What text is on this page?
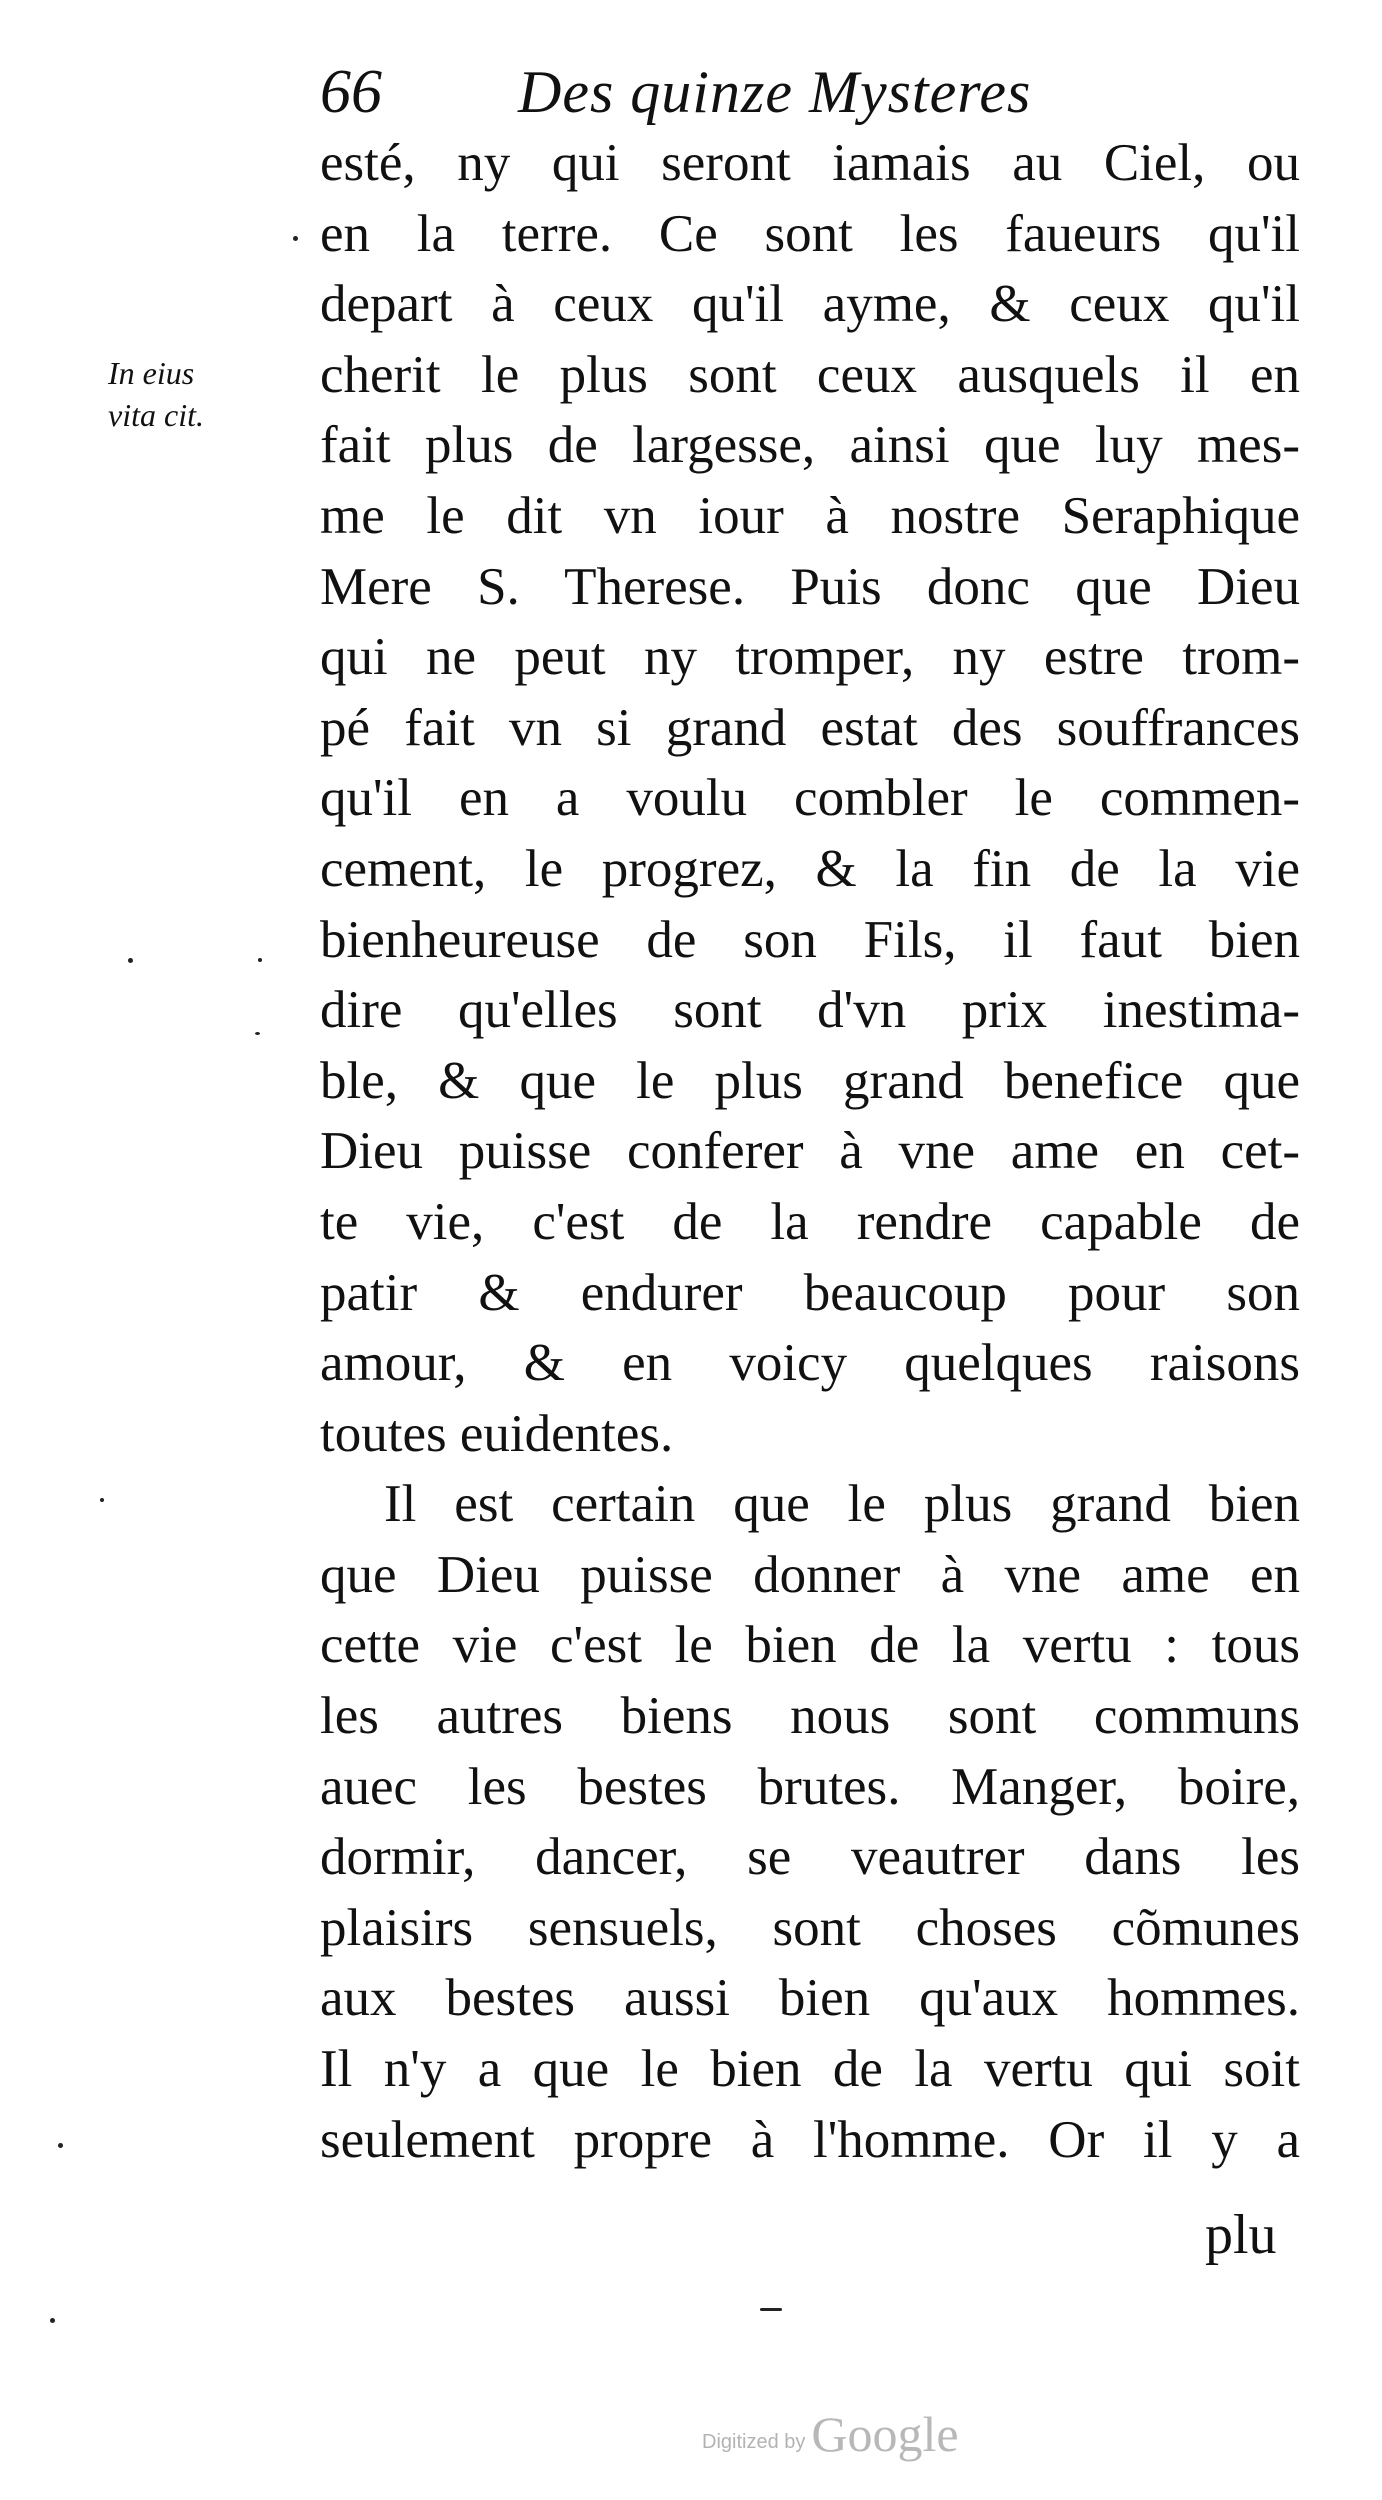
66 Des quinze Mysteres
In eius
vita cit.
esté, ny qui seront iamais au Ciel, ou
en la terre. Ce sont les faueurs qu'il
depart à ceux qu'il ayme, & ceux qu'il
cherit le plus sont ceux ausquels il en
fait plus de largesse, ainsi que luy mes-
me le dit vn iour à nostre Seraphique
Mere S. Therese. Puis donc que Dieu
qui ne peut ny tromper, ny estre trom-
pé fait vn si grand estat des souffrances
qu'il en a voulu combler le commen-
cement, le progrez, & la fin de la vie
bienheureuse de son Fils, il faut bien
dire qu'elles sont d'vn prix inestima-
ble, & que le plus grand benefice que
Dieu puisse conferer à vne ame en cet-
te vie, c'est de la rendre capable de
patir & endurer beaucoup pour son
amour, & en voicy quelques raisons
toutes euidentes.
Il est certain que le plus grand bien
que Dieu puisse donner à vne ame en
cette vie c'est le bien de la vertu : tous
les autres biens nous sont communs
auec les bestes brutes. Manger, boire,
dormir, dancer, se veautrer dans les
plaisirs sensuels, sont choses cõmunes
aux bestes aussi bien qu'aux hommes.
Il n'y a que le bien de la vertu qui soit
seulement propre à l'homme. Or il y a
plu
Digitized by Google
